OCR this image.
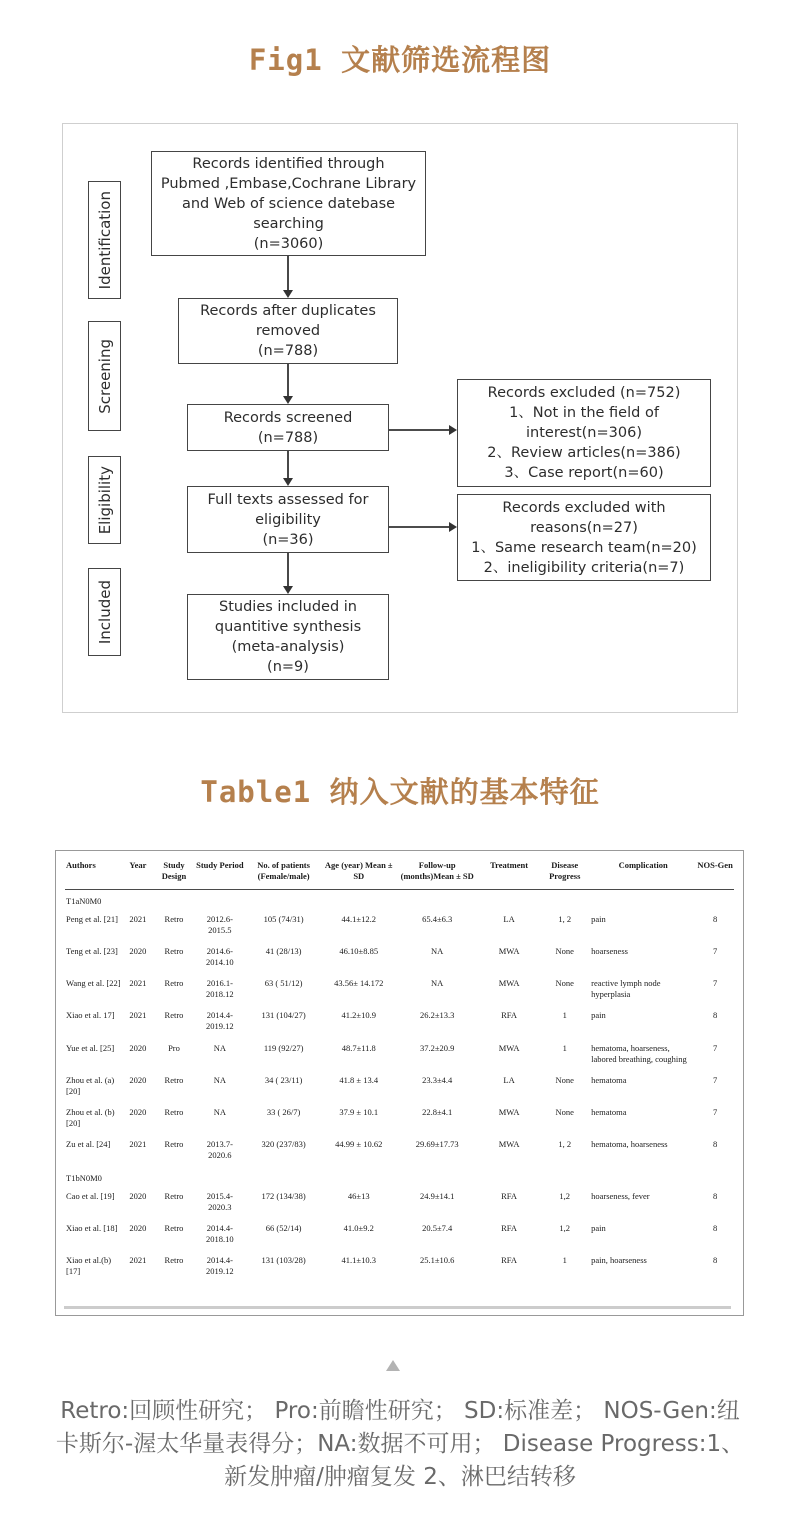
Fig1 文献筛选流程图
Identification
Screening
Eligibility
Included
Records identified through
Pubmed ,Embase,Cochrane Library
and Web of science datebase
searching
(n=3060)
Records after duplicates
removed
(n=788)
Records screened
(n=788)
Full texts assessed for
eligibility
(n=36)
Studies included in
quantitive synthesis
(meta-analysis)
(n=9)
Records excluded (n=752)
1、Not in the field of
interest(n=306)
2、Review articles(n=386)
3、Case report(n=60)
Records excluded with
reasons(n=27)
1、Same research team(n=20)
2、ineligibility criteria(n=7)
Table1 纳入文献的基本特征
Authors	Year	Study Design	Study Period	No. of patients (Female/male)	Age (year) Mean ± SD	Follow-up (months)Mean ± SD	Treatment	Disease Progress	Complication	NOS-Gen
T1aN0M0										
Peng et al. [21]	2021	Retro	2012.6-2015.5	105 (74/31)	44.1±12.2	65.4±6.3	LA	1, 2	pain	8
Teng et al. [23]	2020	Retro	2014.6-2014.10	41 (28/13)	46.10±8.85	NA	MWA	None	hoarseness	7
Wang et al. [22]	2021	Retro	2016.1-2018.12	63 ( 51/12)	43.56± 14.172	NA	MWA	None	reactive lymph node hyperplasia	7
Xiao et al. 17]	2021	Retro	2014.4-2019.12	131 (104/27)	41.2±10.9	26.2±13.3	RFA	1	pain	8
Yue et al. [25]	2020	Pro	NA	119 (92/27)	48.7±11.8	37.2±20.9	MWA	1	hematoma, hoarseness, labored breathing, coughing	7
Zhou et al. (a) [20]	2020	Retro	NA	34 ( 23/11)	41.8 ± 13.4	23.3±4.4	LA	None	hematoma	7
Zhou et al. (b) [20]	2020	Retro	NA	33 ( 26/7)	37.9 ± 10.1	22.8±4.1	MWA	None	hematoma	7
Zu et al. [24]	2021	Retro	2013.7-2020.6	320 (237/83)	44.99 ± 10.62	29.69±17.73	MWA	1, 2	hematoma, hoarseness	8
T1bN0M0										
Cao et al. [19]	2020	Retro	2015.4-2020.3	172 (134/38)	46±13	24.9±14.1	RFA	1,2	hoarseness, fever	8
Xiao et al. [18]	2020	Retro	2014.4-2018.10	66 (52/14)	41.0±9.2	20.5±7.4	RFA	1,2	pain	8
Xiao et al.(b)[17]	2021	Retro	2014.4-2019.12	131 (103/28)	41.1±10.3	25.1±10.6	RFA	1	pain, hoarseness	8
Retro:回顾性研究； Pro:前瞻性研究； SD:标准差； NOS-Gen:纽
卡斯尔-渥太华量表得分；NA:数据不可用； Disease Progress:1、
新发肿瘤/肿瘤复发 2、淋巴结转移
